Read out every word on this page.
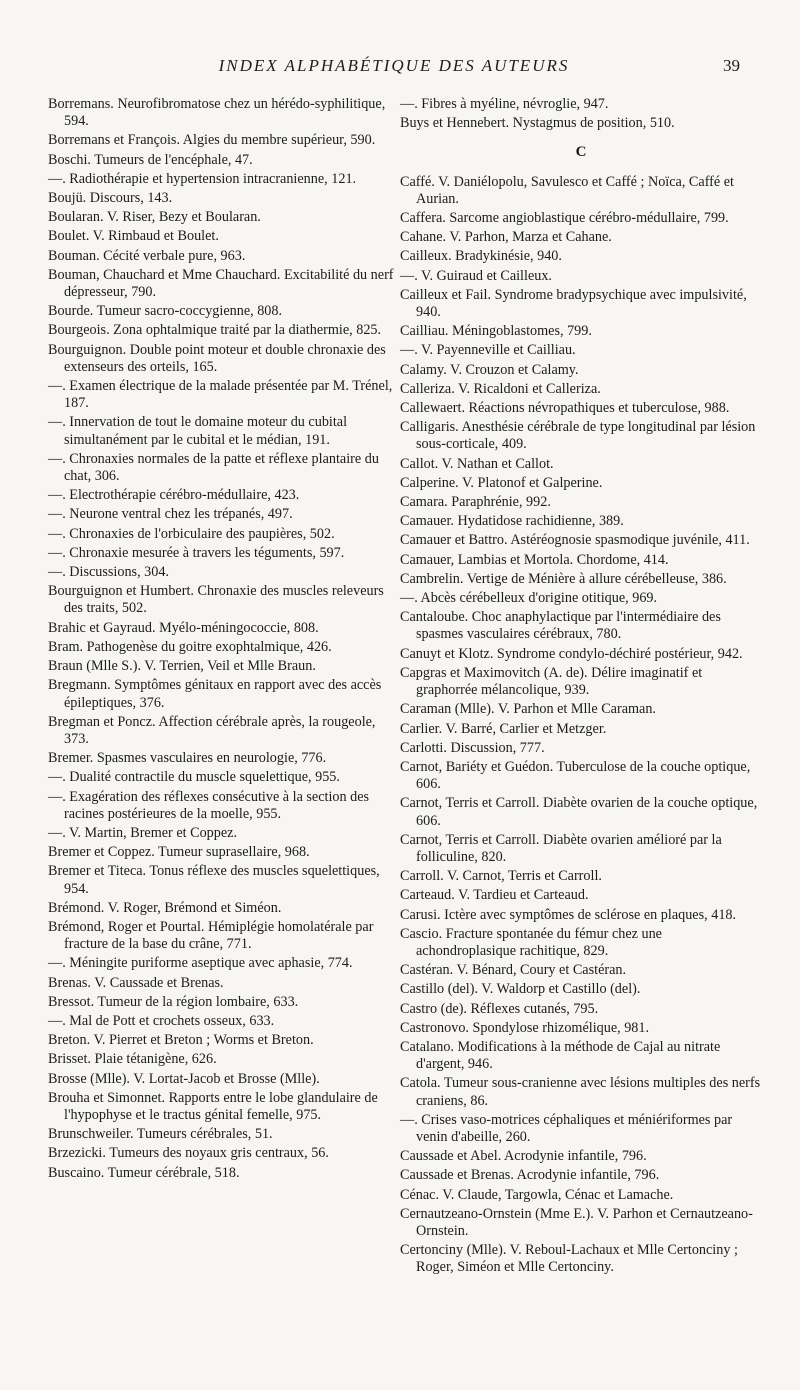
INDEX ALPHABÉTIQUE DES AUTEURS	39

Borremans. Neurofibromatose chez un hérédo-syphilitique, 594.

Borremans et François. Algies du membre supérieur, 590.

Boschi. Tumeurs de l'encéphale, 47.

—. Radiothérapie et hypertension intracranienne, 121.

Boujü. Discours, 143.

Boularan. V. Riser, Bezy et Boularan.

Boulet. V. Rimbaud et Boulet.

Bouman. Cécité verbale pure, 963.

Bouman, Chauchard et Mme Chauchard. Excitabilité du nerf dépresseur, 790.

Bourde. Tumeur sacro-coccygienne, 808.

Bourgeois. Zona ophtalmique traité par la diathermie, 825.

Bourguignon. Double point moteur et double chronaxie des extenseurs des orteils, 165.

—. Examen électrique de la malade présentée par M. Trénel, 187.

—. Innervation de tout le domaine moteur du cubital simultanément par le cubital et le médian, 191.

—. Chronaxies normales de la patte et réflexe plantaire du chat, 306.

—. Electrothérapie cérébro-médullaire, 423.

—. Neurone ventral chez les trépanés, 497.

—. Chronaxies de l'orbiculaire des paupières, 502.

—. Chronaxie mesurée à travers les téguments, 597.

—. Discussions, 304.

Bourguignon et Humbert. Chronaxie des muscles releveurs des traits, 502.

Brahic et Gayraud. Myélo-méningococcie, 808.

Bram. Pathogenèse du goitre exophtalmique, 426.

Braun (Mlle S.). V. Terrien, Veil et Mlle Braun.

Bregmann. Symptômes génitaux en rapport avec des accès épileptiques, 376.

Bregman et Poncz. Affection cérébrale après, la rougeole, 373.

Bremer. Spasmes vasculaires en neurologie, 776.

—. Dualité contractile du muscle squelettique, 955.

—. Exagération des réflexes consécutive à la section des racines postérieures de la moelle, 955.

—. V. Martin, Bremer et Coppez.

Bremer et Coppez. Tumeur suprasellaire, 968.

Bremer et Titeca. Tonus réflexe des muscles squelettiques, 954.

Brémond. V. Roger, Brémond et Siméon.

Brémond, Roger et Pourtal. Hémiplégie homolatérale par fracture de la base du crâne, 771.

—. Méningite puriforme aseptique avec aphasie, 774.

Brenas. V. Caussade et Brenas.

Bressot. Tumeur de la région lombaire, 633.

—. Mal de Pott et crochets osseux, 633.

Breton. V. Pierret et Breton ; Worms et Breton.

Brisset. Plaie tétanigène, 626.

Brosse (Mlle). V. Lortat-Jacob et Brosse (Mlle).

Brouha et Simonnet. Rapports entre le lobe glandulaire de l'hypophyse et le tractus génital femelle, 975.

Brunschweiler. Tumeurs cérébrales, 51.

Brzezicki. Tumeurs des noyaux gris centraux, 56.

Buscaino. Tumeur cérébrale, 518.

—. Fibres à myéline, névroglie, 947.

Buys et Hennebert. Nystagmus de position, 510.

C

Caffé. V. Daniélopolu, Savulesco et Caffé ; Noïca, Caffé et Aurian.

Caffera. Sarcome angioblastique cérébro-médullaire, 799.

Cahane. V. Parhon, Marza et Cahane.

Cailleux. Bradykinésie, 940.

—. V. Guiraud et Cailleux.

Cailleux et Fail. Syndrome bradypsychique avec impulsivité, 940.

Cailliau. Méningoblastomes, 799.

—. V. Payenneville et Cailliau.

Calamy. V. Crouzon et Calamy.

Calleriza. V. Ricaldoni et Calleriza.

Callewaert. Réactions névropathiques et tuberculose, 988.

Calligaris. Anesthésie cérébrale de type longitudinal par lésion sous-corticale, 409.

Callot. V. Nathan et Callot.

Calperine. V. Platonof et Galperine.

Camara. Paraphrénie, 992.

Camauer. Hydatidose rachidienne, 389.

Camauer et Battro. Astéréognosie spasmodique juvénile, 411.

Camauer, Lambias et Mortola. Chordome, 414.

Cambrelin. Vertige de Ménière à allure cérébelleuse, 386.

—. Abcès cérébelleux d'origine otitique, 969.

Cantaloube. Choc anaphylactique par l'intermédiaire des spasmes vasculaires cérébraux, 780.

Canuyt et Klotz. Syndrome condylo-déchiré postérieur, 942.

Capgras et Maximovitch (A. de). Délire imaginatif et graphorrée mélancolique, 939.

Caraman (Mlle). V. Parhon et Mlle Caraman.

Carlier. V. Barré, Carlier et Metzger.

Carlotti. Discussion, 777.

Carnot, Bariéty et Guédon. Tuberculose de la couche optique, 606.

Carnot, Terris et Carroll. Diabète ovarien de la couche optique, 606.

Carnot, Terris et Carroll. Diabète ovarien amélioré par la folliculine, 820.

Carroll. V. Carnot, Terris et Carroll.

Carteaud. V. Tardieu et Carteaud.

Carusi. Ictère avec symptômes de sclérose en plaques, 418.

Cascio. Fracture spontanée du fémur chez une achondroplasique rachitique, 829.

Castéran. V. Bénard, Coury et Castéran.

Castillo (del). V. Waldorp et Castillo (del).

Castro (de). Réflexes cutanés, 795.

Castronovo. Spondylose rhizomélique, 981.

Catalano. Modifications à la méthode de Cajal au nitrate d'argent, 946.

Catola. Tumeur sous-cranienne avec lésions multiples des nerfs craniens, 86.

—. Crises vaso-motrices céphaliques et méniériformes par venin d'abeille, 260.

Caussade et Abel. Acrodynie infantile, 796.

Caussade et Brenas. Acrodynie infantile, 796.

Cénac. V. Claude, Targowla, Cénac et Lamache.

Cernautzeano-Ornstein (Mme E.). V. Parhon et Cernautzeano-Ornstein.

Certonciny (Mlle). V. Reboul-Lachaux et Mlle Certonciny ; Roger, Siméon et Mlle Certonciny.
